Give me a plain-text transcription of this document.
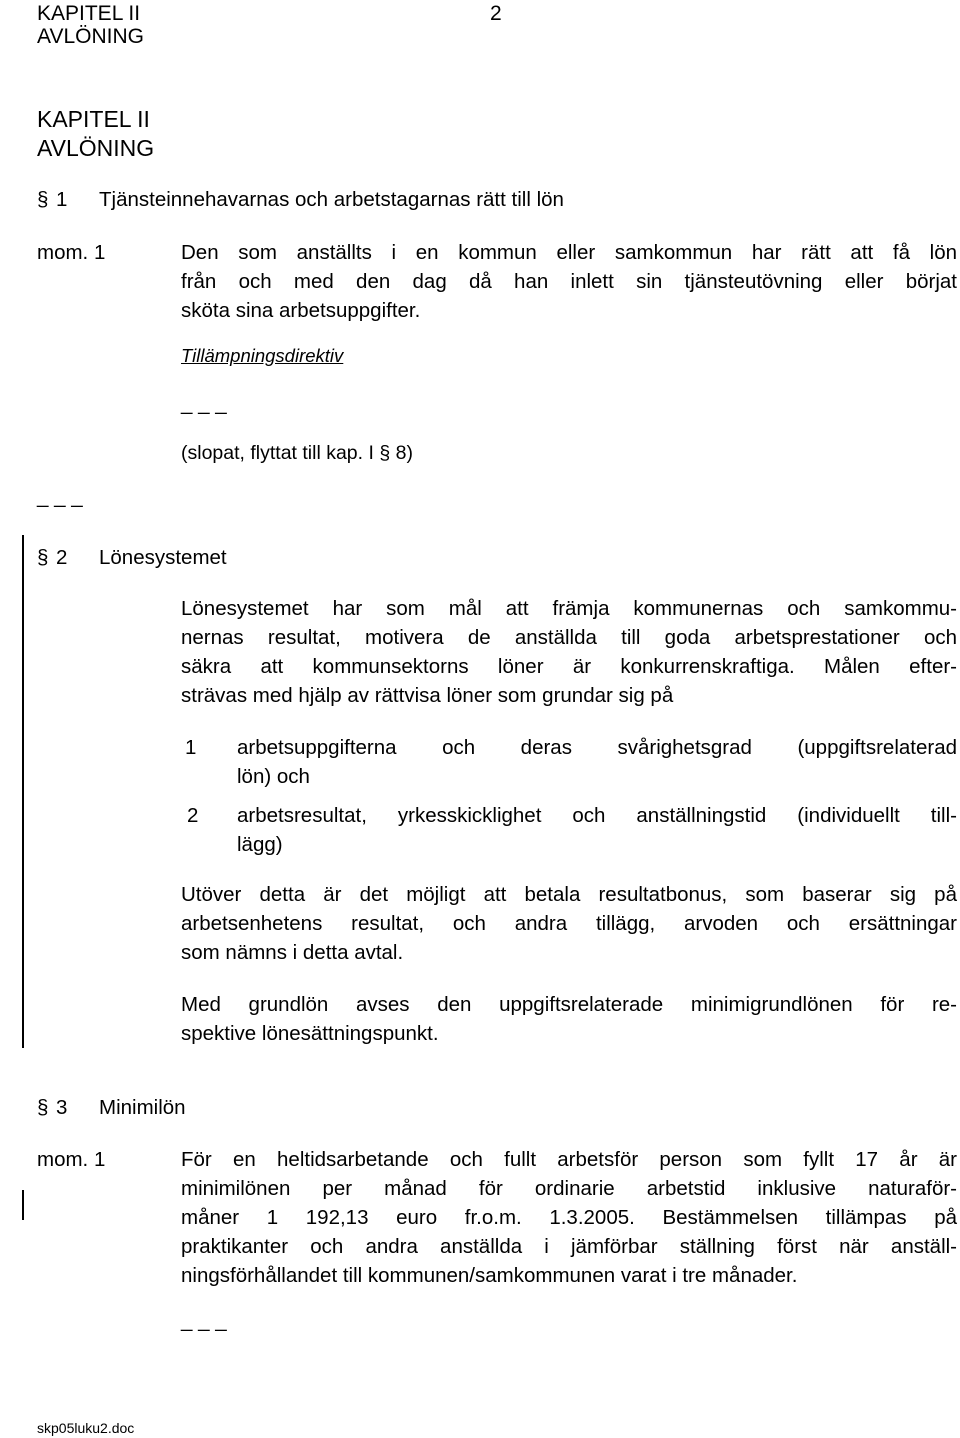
KAPITEL II
AVLÖNING
2
KAPITEL II
AVLÖNING
§ 1 Tjänsteinnehavarnas och arbetstagarnas rätt till lön
mom. 1	Den som anställts i en kommun eller samkommun har rätt att få lön
från och med den dag då han inlett sin tjänsteutövning eller börjat
sköta sina arbetsuppgifter.
Tillämpningsdirektiv
_ _ _
(slopat, flyttat till kap. I § 8)
_ _ _
§ 2 Lönesystemet
Lönesystemet har som mål att främja kommunernas och samkommu-
nernas resultat, motivera de anställda till goda arbetsprestationer och
säkra att kommunsektorns löner är konkurrenskraftiga. Målen efter-
strävas med hjälp av rättvisa löner som grundar sig på
1 arbetsuppgifterna och deras svårighetsgrad (uppgiftsrelaterad
lön) och
2 arbetsresultat, yrkesskicklighet och anställningstid (individuellt till-
lägg)
Utöver detta är det möjligt att betala resultatbonus, som baserar sig på
arbetsenhetens resultat, och andra tillägg, arvoden och ersättningar
som nämns i detta avtal.
Med grundlön avses den uppgiftsrelaterade minimigrundlönen för re-
spektive lönesättningspunkt.
§ 3 Minimilön
mom. 1	För en heltidsarbetande och fullt arbetsför person som fyllt 17 år är
minimilönen per månad för ordinarie arbetstid inklusive naturaför-
måner 1 192,13 euro fr.o.m. 1.3.2005. Bestämmelsen tillämpas på
praktikanter och andra anställda i jämförbar ställning först när anställ-
ningsförhållandet till kommunen/samkommunen varat i tre månader.
_ _ _
skp05luku2.doc
